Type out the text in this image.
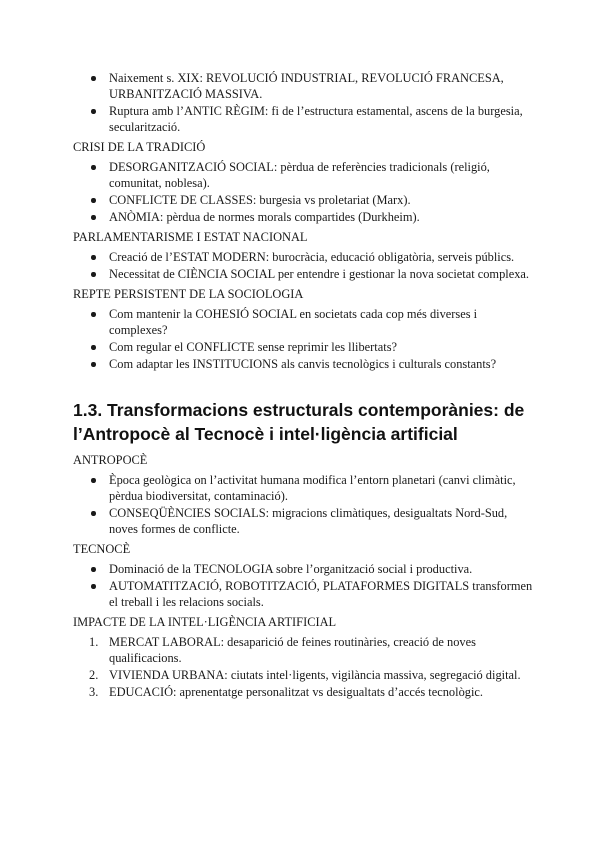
Naixement s. XIX: REVOLUCIÓ INDUSTRIAL, REVOLUCIÓ FRANCESA, URBANITZACIÓ MASSIVA.
Ruptura amb l’ANTIC RÈGIM: fi de l’estructura estamental, ascens de la burgesia, secularització.
CRISI DE LA TRADICIÓ
DESORGANITZACIÓ SOCIAL: pèrdua de referències tradicionals (religió, comunitat, noblesa).
CONFLICTE DE CLASSES: burgesia vs proletariat (Marx).
ANÒMIA: pèrdua de normes morals compartides (Durkheim).
PARLAMENTARISME I ESTAT NACIONAL
Creació de l’ESTAT MODERN: burocràcia, educació obligatòria, serveis públics.
Necessitat de CIÈNCIA SOCIAL per entendre i gestionar la nova societat complexa.
REPTE PERSISTENT DE LA SOCIOLOGIA
Com mantenir la COHESIÓ SOCIAL en societats cada cop més diverses i complexes?
Com regular el CONFLICTE sense reprimir les llibertats?
Com adaptar les INSTITUCIONS als canvis tecnològics i culturals constants?
1.3. Transformacions estructurals contemporànies: de l’Antropocè al Tecnocè i intel·ligència artificial
ANTROPOCÈ
Època geològica on l’activitat humana modifica l’entorn planetari (canvi climàtic, pèrdua biodiversitat, contaminació).
CONSEQÜÈNCIES SOCIALS: migracions climàtiques, desigualtats Nord-Sud, noves formes de conflicte.
TECNOCÈ
Dominació de la TECNOLOGIA sobre l’organització social i productiva.
AUTOMATITZACIÓ, ROBOTITZACIÓ, PLATAFORMES DIGITALS transformen el treball i les relacions socials.
IMPACTE DE LA INTEL·LIGÈNCIA ARTIFICIAL
1. MERCAT LABORAL: desaparició de feines routinàries, creació de noves qualificacions.
2. VIVIENDA URBANA: ciutats intel·ligents, vigilància massiva, segregació digital.
3. EDUCACIÓ: aprenentatge personalitzat vs desigualtats d’accés tecnològic.
